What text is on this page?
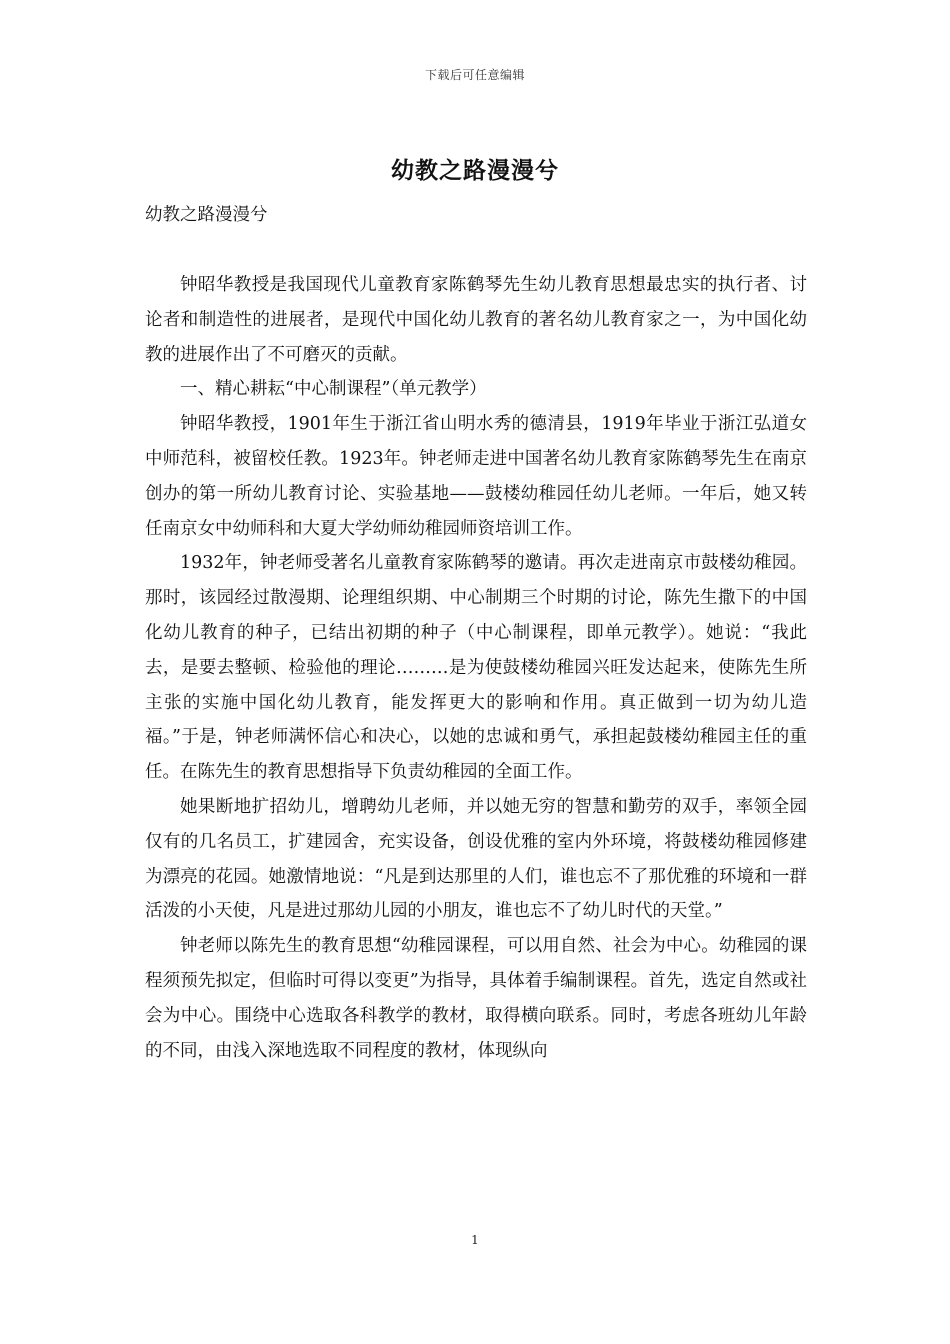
下载后可任意编辑
幼教之路漫漫兮
幼教之路漫漫兮

钟昭华教授是我国现代儿童教育家陈鹤琴先生幼儿教育思想最忠实的执行者、讨论者和制造性的进展者，是现代中国化幼儿教育的著名幼儿教育家之一，为中国化幼教的进展作出了不可磨灭的贡献。

一、精心耕耘“中心制课程”（单元教学）

钟昭华教授，1901年生于浙江省山明水秀的德清县，1919年毕业于浙江弘道女中师范科，被留校任教。1923年。钟老师走进中国著名幼儿教育家陈鹤琴先生在南京创办的第一所幼儿教育讨论、实验基地——鼓楼幼稚园任幼儿老师。一年后，她又转任南京女中幼师科和大夏大学幼师幼稚园师资培训工作。

1932年，钟老师受著名儿童教育家陈鹤琴的邀请。再次走进南京市鼓楼幼稚园。那时，该园经过散漫期、论理组织期、中心制期三个时期的讨论，陈先生撒下的中国化幼儿教育的种子，已结出初期的种子（中心制课程，即单元教学）。她说：“我此去，是要去整顿、检验他的理论………是为使鼓楼幼稚园兴旺发达起来，使陈先生所主张的实施中国化幼儿教育，能发挥更大的影响和作用。真正做到一切为幼儿造福。”于是，钟老师满怀信心和决心，以她的忠诚和勇气，承担起鼓楼幼稚园主任的重任。在陈先生的教育思想指导下负责幼稚园的全面工作。

她果断地扩招幼儿，增聘幼儿老师，并以她无穷的智慧和勤劳的双手，率领全园仅有的几名员工，扩建园舍，充实设备，创设优雅的室内外环境，将鼓楼幼稚园修建为漂亮的花园。她激情地说：“凡是到达那里的人们，谁也忘不了那优雅的环境和一群活泼的小天使，凡是进过那幼儿园的小朋友，谁也忘不了幼儿时代的天堂。”

钟老师以陈先生的教育思想“幼稚园课程，可以用自然、社会为中心。幼稚园的课程须预先拟定，但临时可得以变更”为指导，具体着手编制课程。首先，选定自然或社会为中心。围绕中心选取各科教学的教材，取得横向联系。同时，考虑各班幼儿年龄的不同，由浅入深地选取不同程度的教材，体现纵向

1
